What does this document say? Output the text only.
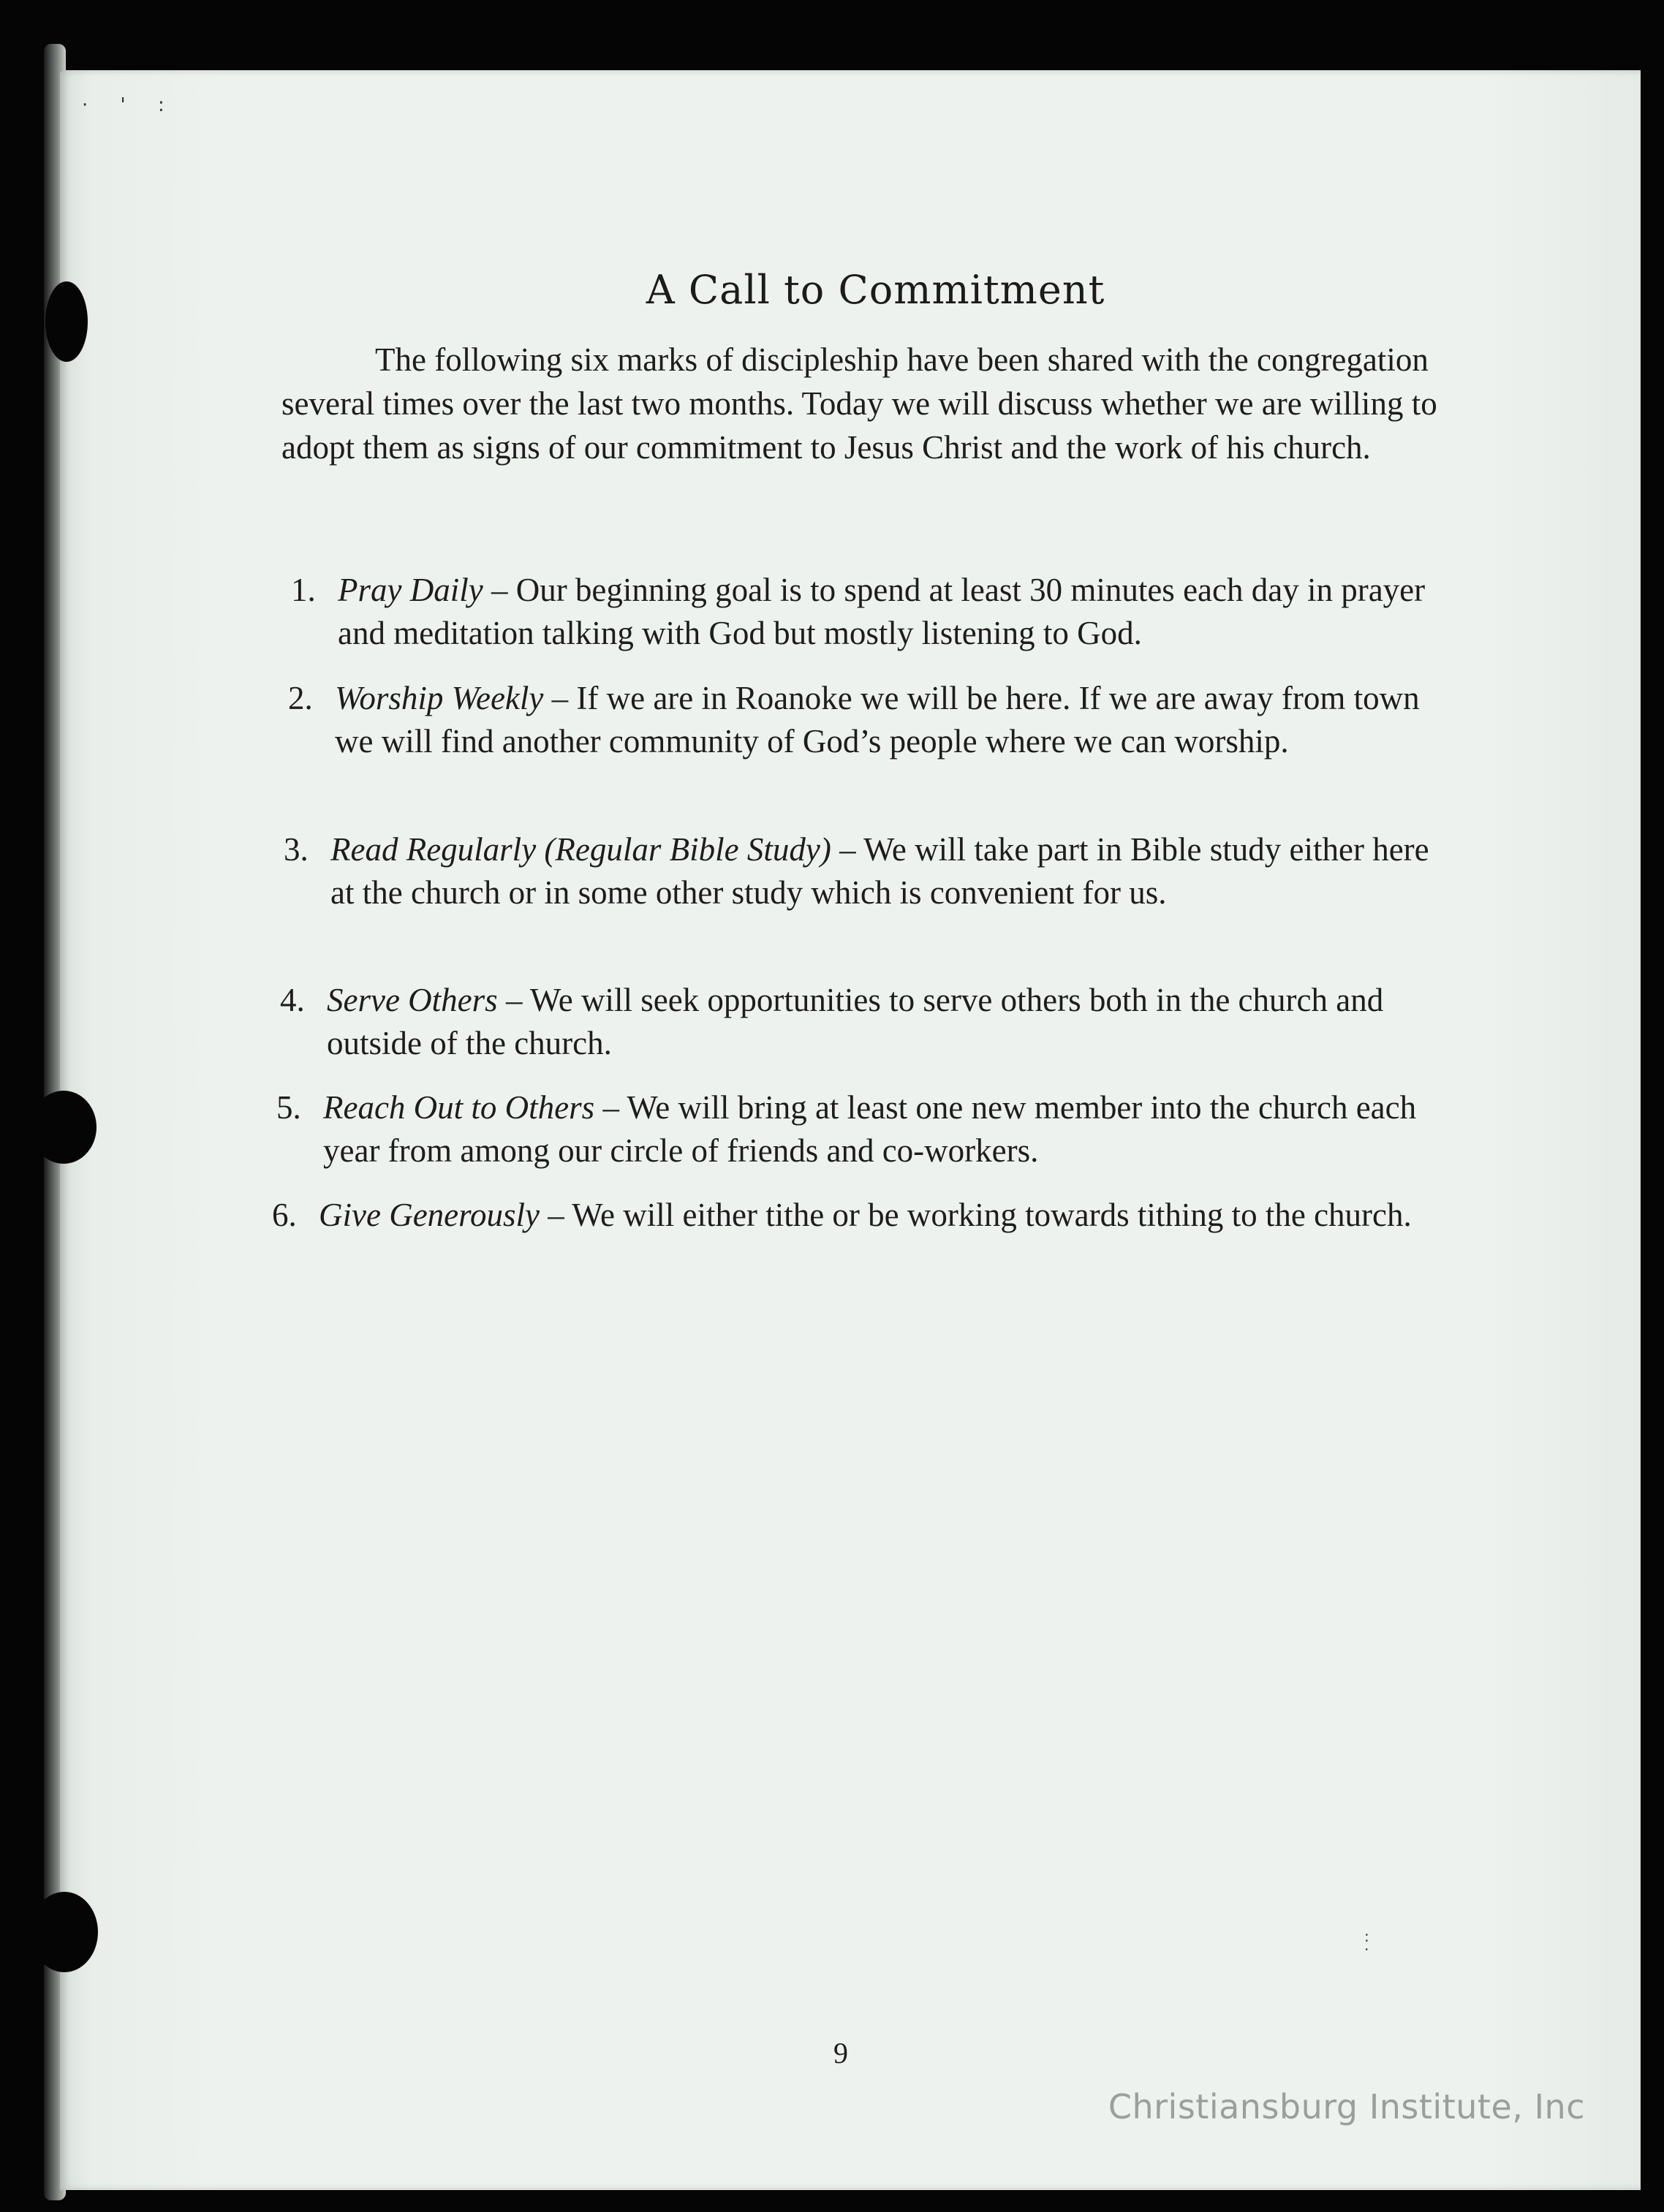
· ' :
:
·
A Call to Commitment

The following six marks of discipleship have been shared with the congregation several times over the last two months. Today we will discuss whether we are willing to adopt them as signs of our commitment to Jesus Christ and the work of his church.

1. Pray Daily – Our beginning goal is to spend at least 30 minutes each day in prayer and meditation talking with God but mostly listening to God.

2. Worship Weekly – If we are in Roanoke we will be here. If we are away from town we will find another community of God’s people where we can worship.

3. Read Regularly (Regular Bible Study) – We will take part in Bible study either here at the church or in some other study which is convenient for us.

4. Serve Others – We will seek opportunities to serve others both in the church and outside of the church.

5. Reach Out to Others – We will bring at least one new member into the church each year from among our circle of friends and co-workers.

6. Give Generously – We will either tithe or be working towards tithing to the church.

9
Christiansburg Institute, Inc
